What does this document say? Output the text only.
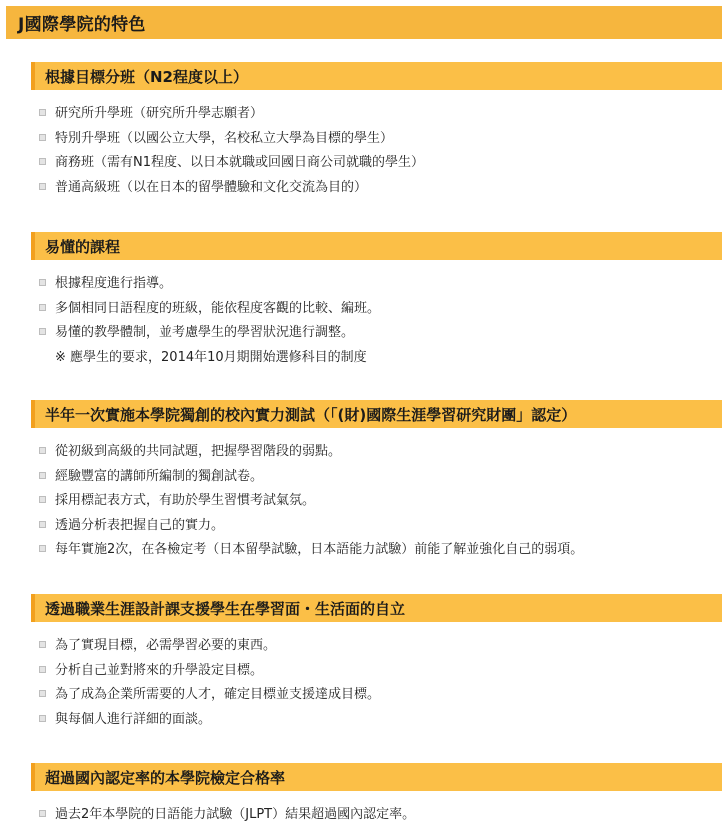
J國際學院的特色
根據目標分班（N2程度以上）
研究所升學班（研究所升學志願者）
特別升學班（以國公立大學，名校私立大學為目標的學生）
商務班（需有N1程度、以日本就職或回國日商公司就職的學生）
普通高級班（以在日本的留學體驗和文化交流為目的）
易懂的課程
根據程度進行指導。
多個相同日語程度的班級，能依程度客觀的比較、編班。
易懂的教學體制，並考慮學生的學習狀況進行調整。
※ 應學生的要求，2014年10月期開始選修科目的制度
半年一次實施本學院獨創的校內實力測試（「(財)國際生涯學習研究財團」認定）
從初級到高級的共同試題，把握學習階段的弱點。
經驗豐富的講師所編制的獨創試卷。
採用標記表方式，有助於學生習慣考試氣氛。
透過分析表把握自己的實力。
每年實施2次，在各檢定考（日本留學試驗，日本語能力試驗）前能了解並強化自己的弱項。
透過職業生涯設計課支援學生在學習面・生活面的自立
為了實現目標，必需學習必要的東西。
分析自己並對將來的升學設定目標。
為了成為企業所需要的人才，確定目標並支援達成目標。
與每個人進行詳細的面談。
超過國內認定率的本學院檢定合格率
過去2年本學院的日語能力試驗（JLPT）結果超過國內認定率。
